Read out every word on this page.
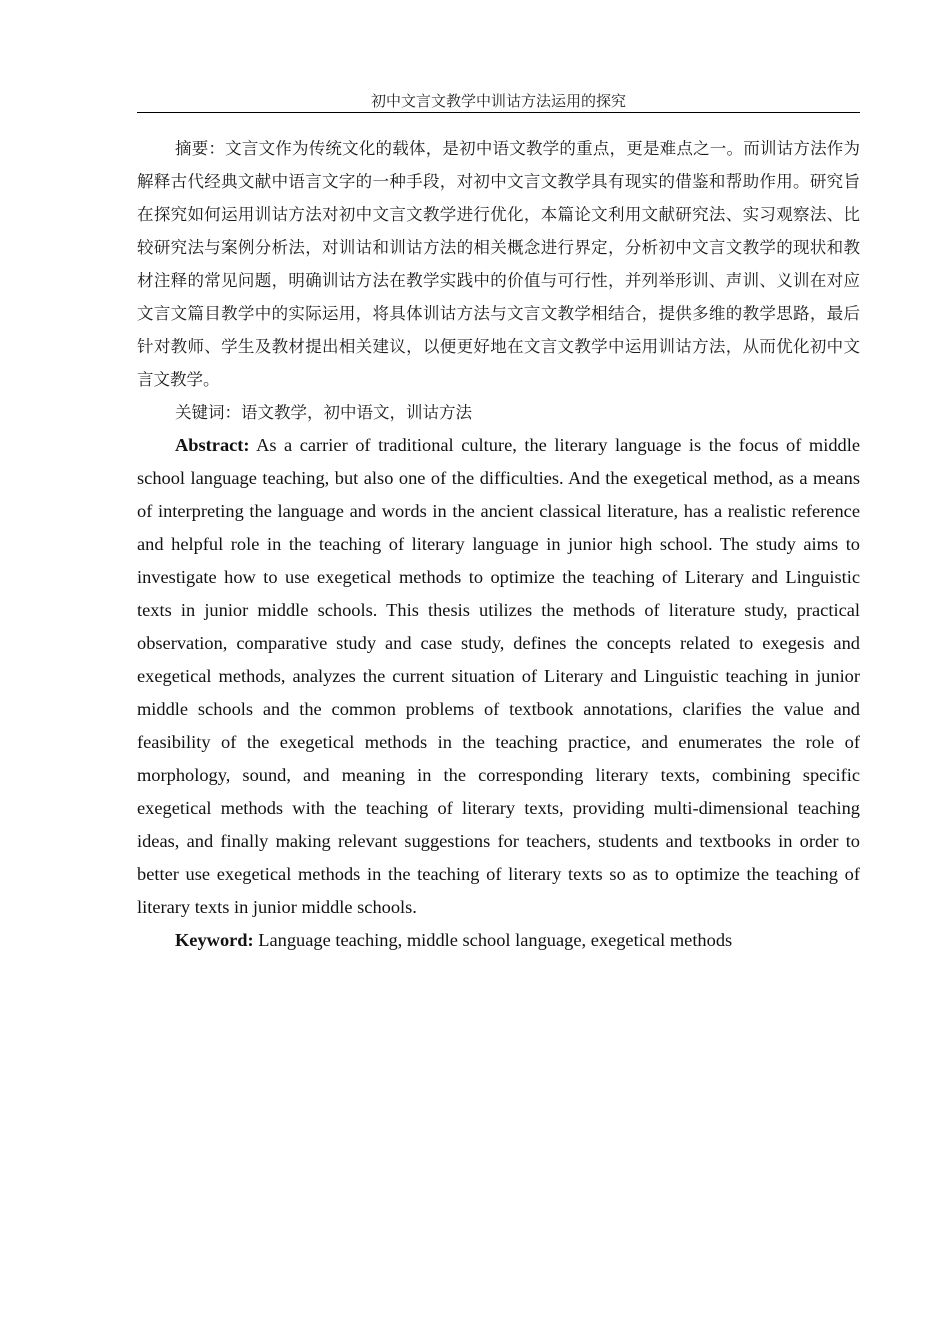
初中文言文教学中训诂方法运用的探究

摘要：文言文作为传统文化的载体，是初中语文教学的重点，更是难点之一。而训诂方法作为解释古代经典文献中语言文字的一种手段，对初中文言文教学具有现实的借鉴和帮助作用。研究旨在探究如何运用训诂方法对初中文言文教学进行优化，本篇论文利用文献研究法、实习观察法、比较研究法与案例分析法，对训诂和训诂方法的相关概念进行界定，分析初中文言文教学的现状和教材注释的常见问题，明确训诂方法在教学实践中的价值与可行性，并列举形训、声训、义训在对应文言文篇目教学中的实际运用，将具体训诂方法与文言文教学相结合，提供多维的教学思路，最后针对教师、学生及教材提出相关建议，以便更好地在文言文教学中运用训诂方法，从而优化初中文言文教学。

关键词：语文教学，初中语文，训诂方法

Abstract: As a carrier of traditional culture, the literary language is the focus of middle school language teaching, but also one of the difficulties. And the exegetical method, as a means of interpreting the language and words in the ancient classical literature, has a realistic reference and helpful role in the teaching of literary language in junior high school. The study aims to investigate how to use exegetical methods to optimize the teaching of Literary and Linguistic texts in junior middle schools. This thesis utilizes the methods of literature study, practical observation, comparative study and case study, defines the concepts related to exegesis and exegetical methods, analyzes the current situation of Literary and Linguistic teaching in junior middle schools and the common problems of textbook annotations, clarifies the value and feasibility of the exegetical methods in the teaching practice, and enumerates the role of morphology, sound, and meaning in the corresponding literary texts, combining specific exegetical methods with the teaching of literary texts, providing multi-dimensional teaching ideas, and finally making relevant suggestions for teachers, students and textbooks in order to better use exegetical methods in the teaching of literary texts so as to optimize the teaching of literary texts in junior middle schools.

Keyword: Language teaching, middle school language, exegetical methods
